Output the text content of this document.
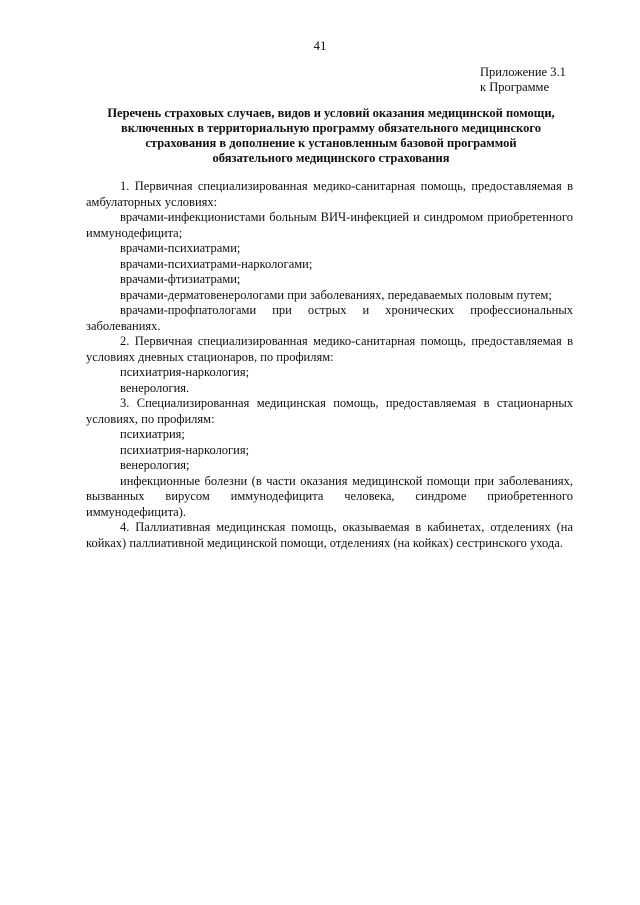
41
Приложение 3.1
к Программе
Перечень страховых случаев, видов и условий оказания медицинской помощи,
включенных в территориальную программу обязательного медицинского
страхования в дополнение к установленным базовой программой
обязательного медицинского страхования

1. Первичная специализированная медико-санитарная помощь, предоставляемая в амбулаторных условиях:

врачами-инфекционистами больным ВИЧ-инфекцией и синдромом приобретенного иммунодефицита;

врачами-психиатрами;

врачами-психиатрами-наркологами;

врачами-фтизиатрами;

врачами-дерматовенерологами при заболеваниях, передаваемых половым путем;

врачами-профпатологами при острых и хронических профессиональных заболеваниях.

2. Первичная специализированная медико-санитарная помощь, предоставляемая в условиях дневных стационаров, по профилям:

психиатрия-наркология;

венерология.

3. Специализированная медицинская помощь, предоставляемая в стационарных условиях, по профилям:

психиатрия;

психиатрия-наркология;

венерология;

инфекционные болезни (в части оказания медицинской помощи при заболеваниях, вызванных вирусом иммунодефицита человека, синдроме приобретенного иммунодефицита).

4. Паллиативная медицинская помощь, оказываемая в кабинетах, отделениях (на койках) паллиативной медицинской помощи, отделениях (на койках) сестринского ухода.
